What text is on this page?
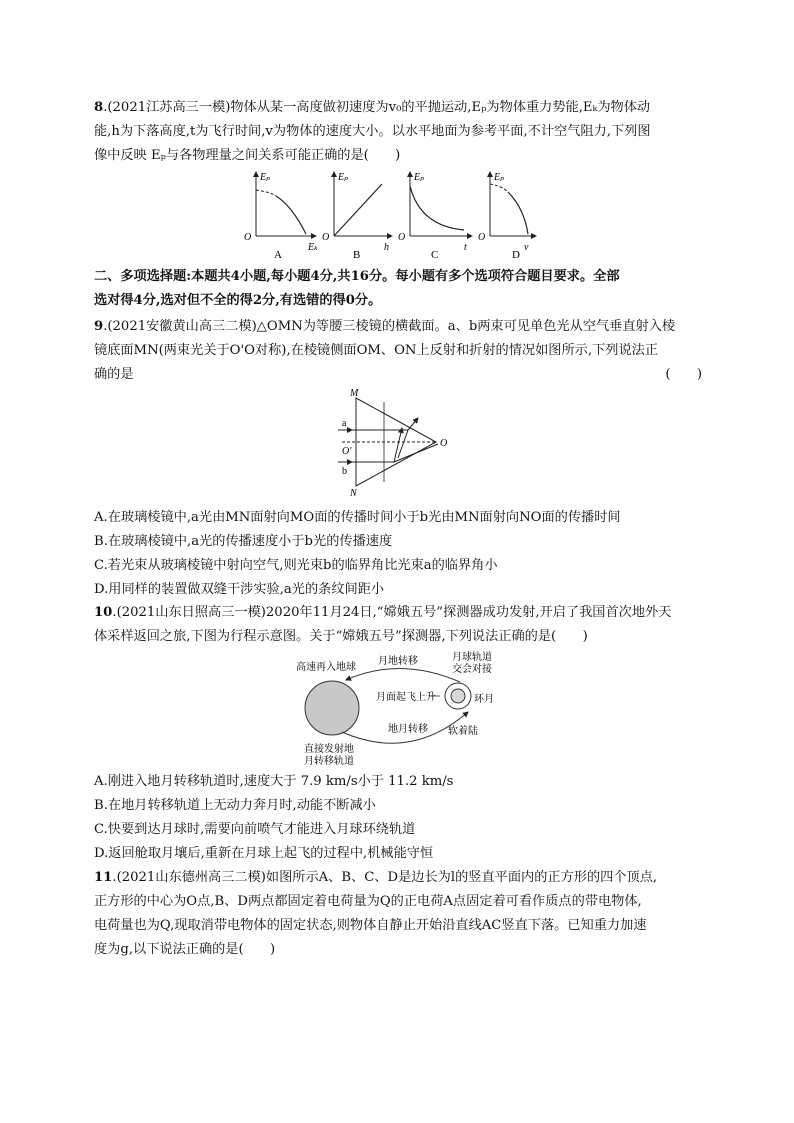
8.(2021江苏高三一模)物体从某一高度做初速度为v₀的平抛运动,Eₚ为物体重力势能,Eₖ为物体动

能,h为下落高度,t为飞行时间,v为物体的速度大小。以水平地面为参考平面,不计空气阻力,下列图

像中反映 Eₚ与各物理量之间关系可能正确的是(　　)

Eₚ
O
Eₖ
A
Eₚ
O
h
B
Eₚ
O
t
C
Eₚ
O
v
D

二、多项选择题:本题共4小题,每小题4分,共16分。每小题有多个选项符合题目要求。全部

选对得4分,选对但不全的得2分,有选错的得0分。

9.(2021安徽黄山高三二模)△OMN为等腰三棱镜的横截面。a、b两束可见单色光从空气垂直射入棱

镜底面MN(两束光关于O'O对称),在棱镜侧面OM、ON上反射和折射的情况如图所示,下列说法正

确的是	(　　)

M
N
O
O'
a
b

A.在玻璃棱镜中,a光由MN面射向MO面的传播时间小于b光由MN面射向NO面的传播时间

B.在玻璃棱镜中,a光的传播速度小于b光的传播速度

C.若光束从玻璃棱镜中射向空气,则光束b的临界角比光束a的临界角小

D.用同样的装置做双缝干涉实验,a光的条纹间距小

10.(2021山东日照高三一模)2020年11月24日,“嫦娥五号”探测器成功发射,开启了我国首次地外天

体采样返回之旅,下图为行程示意图。关于“嫦娥五号”探测器,下列说法正确的是(　　)

高速再入地球
月地转移	月球轨道
交会对接
月面起飞上升	环月
软着陆
地月转移
直接发射地
月转移轨道

A.刚进入地月转移轨道时,速度大于 7.9 km/s小于 11.2 km/s

B.在地月转移轨道上无动力奔月时,动能不断减小

C.快要到达月球时,需要向前喷气才能进入月球环绕轨道

D.返回舱取月壤后,重新在月球上起飞的过程中,机械能守恒

11.(2021山东德州高三二模)如图所示A、B、C、D是边长为l的竖直平面内的正方形的四个顶点,

正方形的中心为O点,B、D两点都固定着电荷量为Q的正电荷A点固定着可看作质点的带电物体,

电荷量也为Q,现取消带电物体的固定状态,则物体自静止开始沿直线AC竖直下落。已知重力加速

度为g,以下说法正确的是(　　)
